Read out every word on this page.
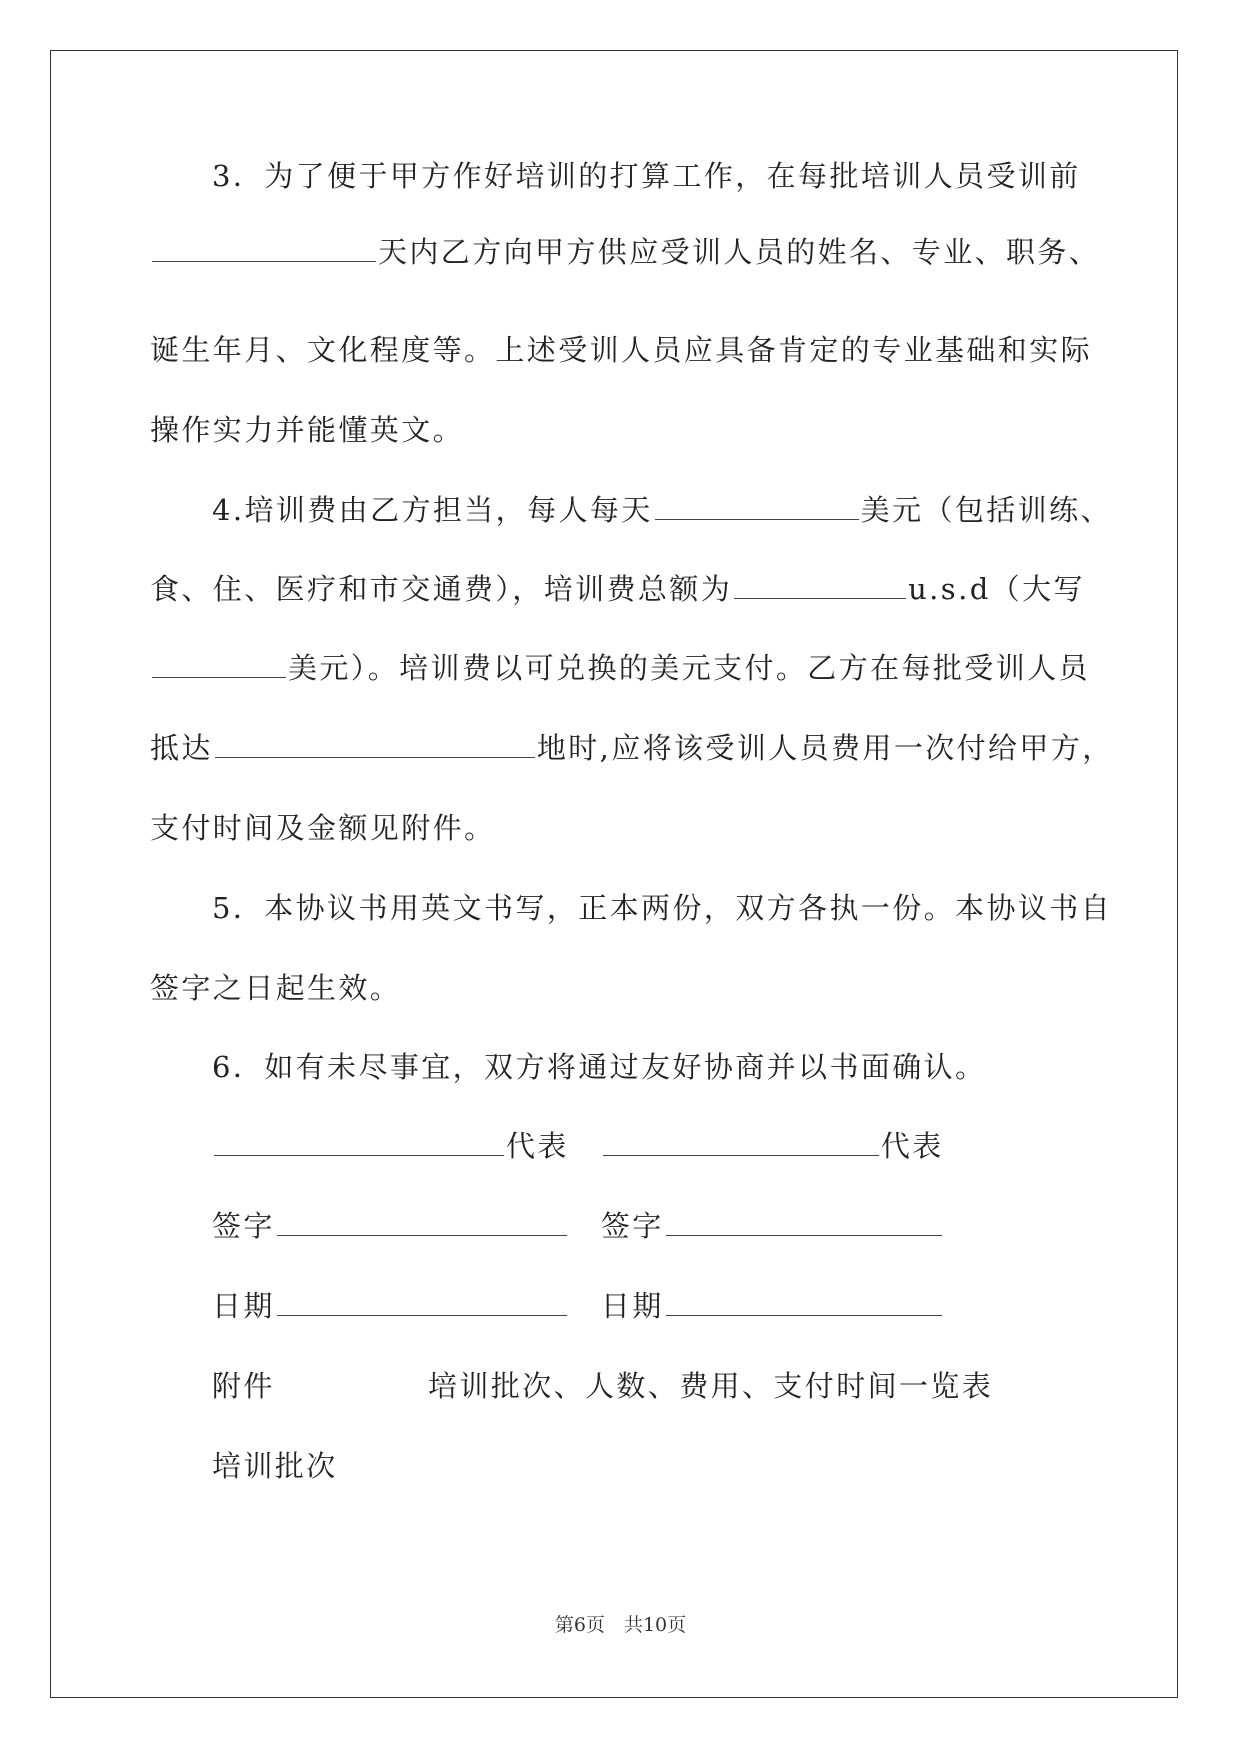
3．为了便于甲方作好培训的打算工作，在每批培训人员受训前
天内乙方向甲方供应受训人员的姓名、专业、职务、
诞生年月、文化程度等。上述受训人员应具备肯定的专业基础和实际
操作实力并能懂英文。
4.培训费由乙方担当，每人每天	美元（包括训练、
食、住、医疗和市交通费），培训费总额为	u.s.d（大写
美元）。培训费以可兑换的美元支付。乙方在每批受训人员
抵达	地时,应将该受训人员费用一次付给甲方，
支付时间及金额见附件。
5．本协议书用英文书写，正本两份，双方各执一份。本协议书自
签字之日起生效。
6．如有未尽事宜，双方将通过友好协商并以书面确认。
代表	代表
签字	签字
日期	日期
附件	培训批次、人数、费用、支付时间一览表
培训批次
第6页　共10页
